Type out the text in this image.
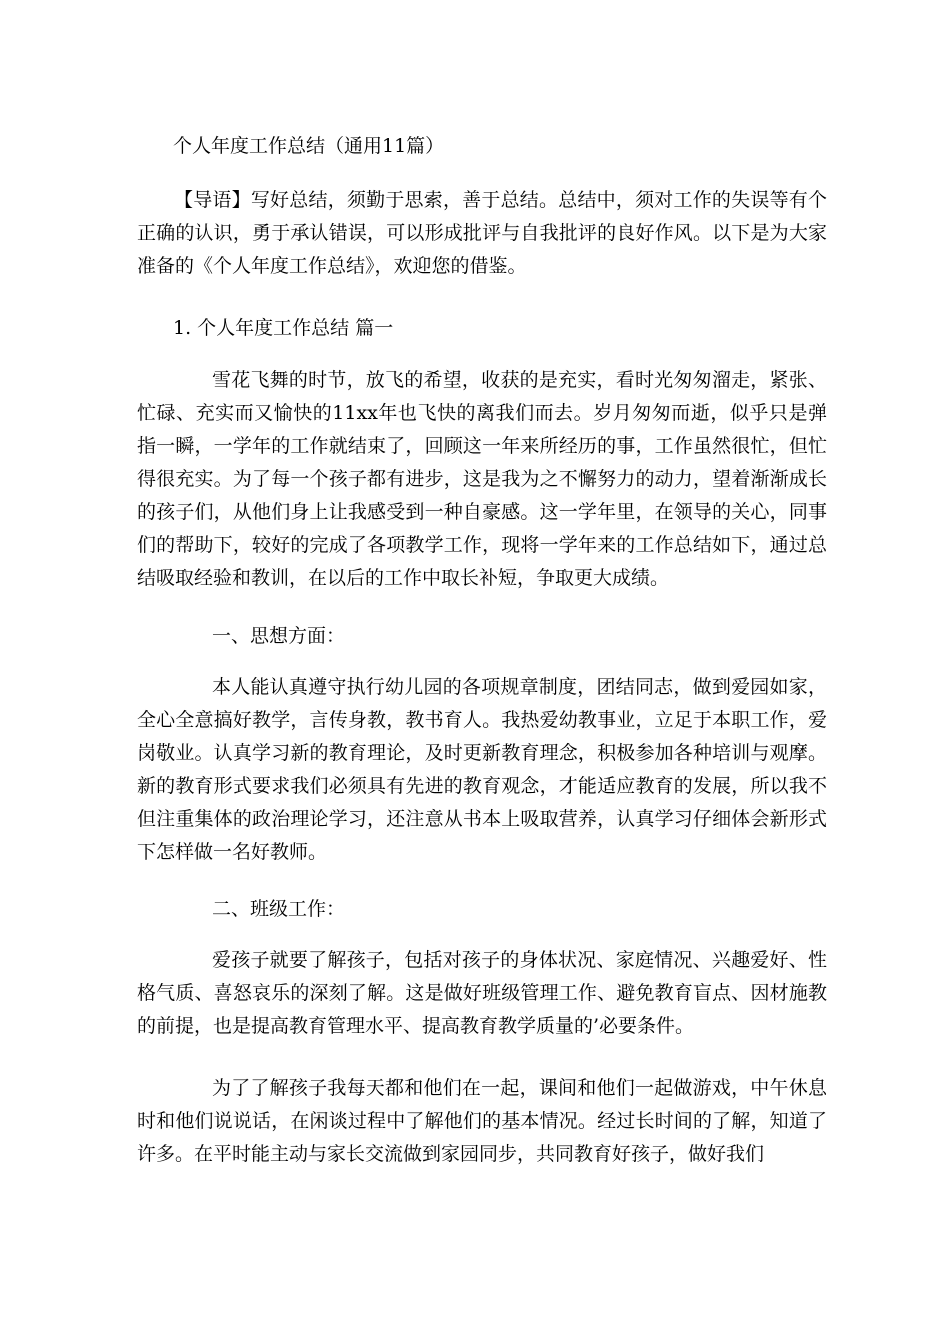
个人年度工作总结（通用11篇）
【导语】写好总结，须勤于思索，善于总结。总结中，须对工作的失误等有个正确的认识，勇于承认错误，可以形成批评与自我批评的良好作风。以下是为大家准备的《个人年度工作总结》，欢迎您的借鉴。
1. 个人年度工作总结 篇一
雪花飞舞的时节，放飞的希望，收获的是充实，看时光匆匆溜走，紧张、忙碌、充实而又愉快的11xx年也飞快的离我们而去。岁月匆匆而逝，似乎只是弹指一瞬，一学年的工作就结束了，回顾这一年来所经历的事，工作虽然很忙，但忙得很充实。为了每一个孩子都有进步，这是我为之不懈努力的动力，望着渐渐成长的孩子们，从他们身上让我感受到一种自豪感。这一学年里，在领导的关心，同事们的帮助下，较好的完成了各项教学工作，现将一学年来的工作总结如下，通过总结吸取经验和教训，在以后的工作中取长补短，争取更大成绩。
一、思想方面：
本人能认真遵守执行幼儿园的各项规章制度，团结同志，做到爱园如家，全心全意搞好教学，言传身教，教书育人。我热爱幼教事业，立足于本职工作，爱岗敬业。认真学习新的教育理论，及时更新教育理念，积极参加各种培训与观摩。新的教育形式要求我们必须具有先进的教育观念，才能适应教育的发展，所以我不但注重集体的政治理论学习，还注意从书本上吸取营养，认真学习仔细体会新形式下怎样做一名好教师。
二、班级工作：
爱孩子就要了解孩子，包括对孩子的身体状况、家庭情况、兴趣爱好、性格气质、喜怒哀乐的深刻了解。这是做好班级管理工作、避免教育盲点、因材施教的前提，也是提高教育管理水平、提高教育教学质量的’必要条件。
为了了解孩子我每天都和他们在一起，课间和他们一起做游戏，中午休息时和他们说说话，在闲谈过程中了解他们的基本情况。经过长时间的了解，知道了许多。在平时能主动与家长交流做到家园同步，共同教育好孩子，做好我们
